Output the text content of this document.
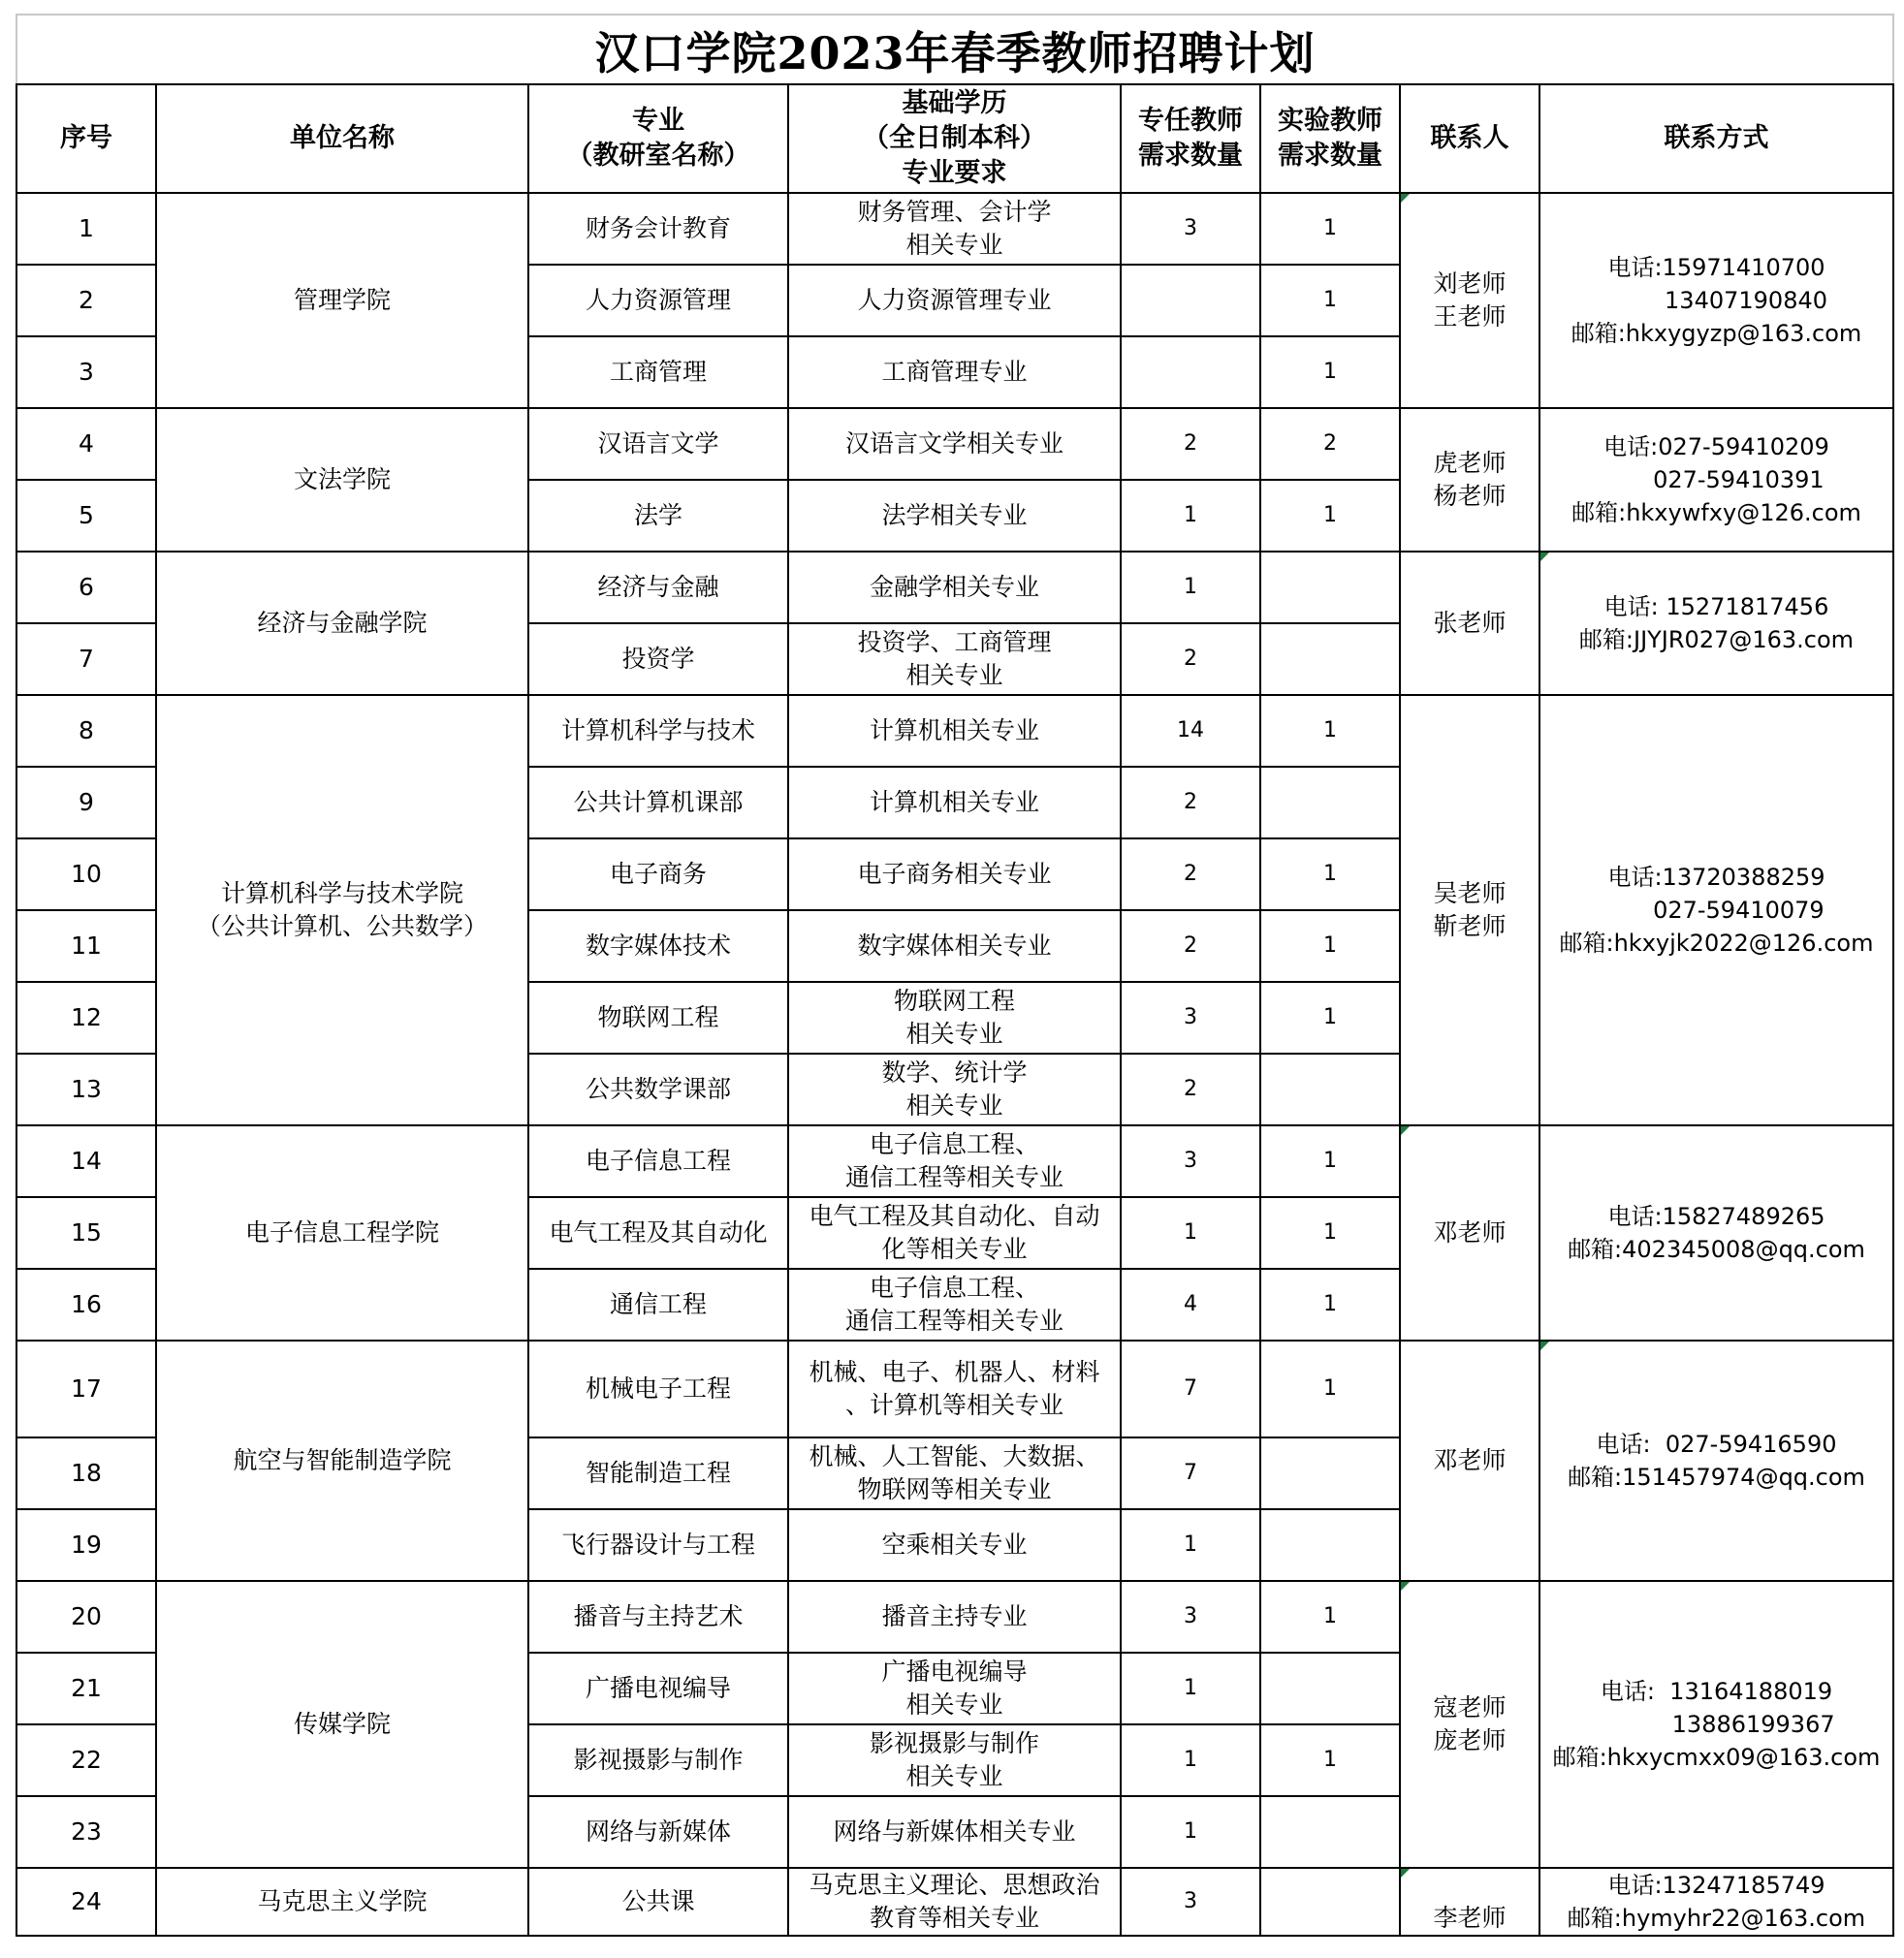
汉口学院2023年春季教师招聘计划
序号	单位名称	专业
（教研室名称）	基础学历
（全日制本科）
专业要求	专任教师
需求数量	实验教师
需求数量	联系人	联系方式
1	管理学院	财务会计教育	财务管理、会计学
相关专业	3	1	刘老师
王老师	电话:15971410700
13407190840
邮箱:hkxygyzp@163.com
2		人力资源管理	人力资源管理专业		1		
3		工商管理	工商管理专业		1		
4	文法学院	汉语言文学	汉语言文学相关专业	2	2	虎老师
杨老师	电话:027-59410209
027-59410391
邮箱:hkxywfxy@126.com
5		法学	法学相关专业	1	1		
6	经济与金融学院	经济与金融	金融学相关专业	1		张老师	电话: 15271817456
邮箱:JJYJR027@163.com
7		投资学	投资学、工商管理
相关专业	2			
8	计算机科学与技术学院
（公共计算机、公共数学）	计算机科学与技术	计算机相关专业	14	1	吴老师
靳老师	电话:13720388259
027-59410079
邮箱:hkxyjk2022@126.com
9		公共计算机课部	计算机相关专业	2			
10		电子商务	电子商务相关专业	2	1		
11		数字媒体技术	数字媒体相关专业	2	1		
12		物联网工程	物联网工程
相关专业	3	1		
13		公共数学课部	数学、统计学
相关专业	2			
14	电子信息工程学院	电子信息工程	电子信息工程、
通信工程等相关专业	3	1	邓老师	电话:15827489265
邮箱:402345008@qq.com
15		电气工程及其自动化	电气工程及其自动化、自动
化等相关专业	1	1		
16		通信工程	电子信息工程、
通信工程等相关专业	4	1		
17	航空与智能制造学院	机械电子工程	机械、电子、机器人、材料
、计算机等相关专业	7	1	邓老师	电话:  027-59416590
邮箱:151457974@qq.com
18		智能制造工程	机械、人工智能、大数据、
物联网等相关专业	7			
19		飞行器设计与工程	空乘相关专业	1			
20	传媒学院	播音与主持艺术	播音主持专业	3	1	寇老师
庞老师	电话:  13164188019
13886199367
邮箱:hkxycmxx09@163.com
21		广播电视编导	广播电视编导
相关专业	1			
22		影视摄影与制作	影视摄影与制作
相关专业	1	1		
23		网络与新媒体	网络与新媒体相关专业	1			
24	马克思主义学院	公共课	马克思主义理论、思想政治
教育等相关专业	3		李老师	电话:13247185749
邮箱:hymyhr22@163.com
